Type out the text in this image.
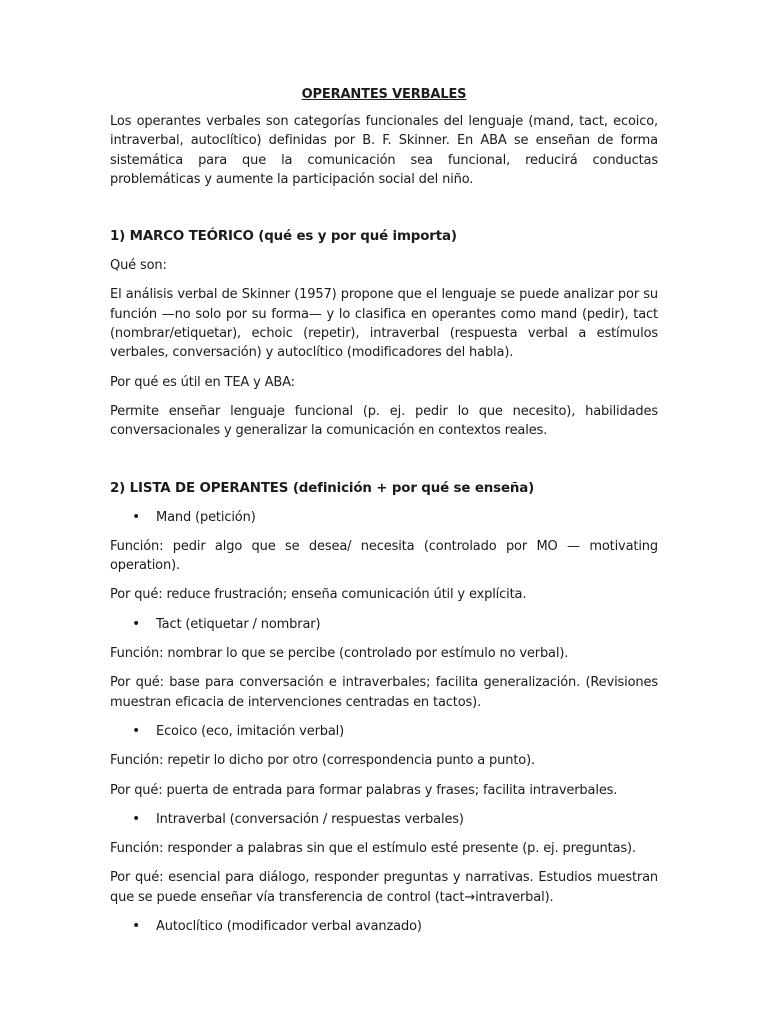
OPERANTES VERBALES

Los operantes verbales son categorías funcionales del lenguaje (mand, tact, ecoico, intraverbal, autoclítico) definidas por B. F. Skinner. En ABA se enseñan de forma sistemática para que la comunicación sea funcional, reducirá conductas problemáticas y aumente la participación social del niño.

1) MARCO TEÓRICO (qué es y por qué importa)

Qué son:

El análisis verbal de Skinner (1957) propone que el lenguaje se puede analizar por su función —no solo por su forma— y lo clasifica en operantes como mand (pedir), tact (nombrar/etiquetar), echoic (repetir), intraverbal (respuesta verbal a estímulos verbales, conversación) y autoclítico (modificadores del habla).

Por qué es útil en TEA y ABA:

Permite enseñar lenguaje funcional (p. ej. pedir lo que necesito), habilidades conversacionales y generalizar la comunicación en contextos reales.

2) LISTA DE OPERANTES (definición + por qué se enseña)
• Mand (petición)

Función: pedir algo que se desea/ necesita (controlado por MO — motivating operation).

Por qué: reduce frustración; enseña comunicación útil y explícita.

• Tact (etiquetar / nombrar)

Función: nombrar lo que se percibe (controlado por estímulo no verbal).

Por qué: base para conversación e intraverbales; facilita generalización. (Revisiones muestran eficacia de intervenciones centradas en tactos).

• Ecoico (eco, imitación verbal)

Función: repetir lo dicho por otro (correspondencia punto a punto).

Por qué: puerta de entrada para formar palabras y frases; facilita intraverbales.

• Intraverbal (conversación / respuestas verbales)

Función: responder a palabras sin que el estímulo esté presente (p. ej. preguntas).

Por qué: esencial para diálogo, responder preguntas y narrativas. Estudios muestran que se puede enseñar vía transferencia de control (tact→intraverbal).

• Autoclítico (modificador verbal avanzado)
